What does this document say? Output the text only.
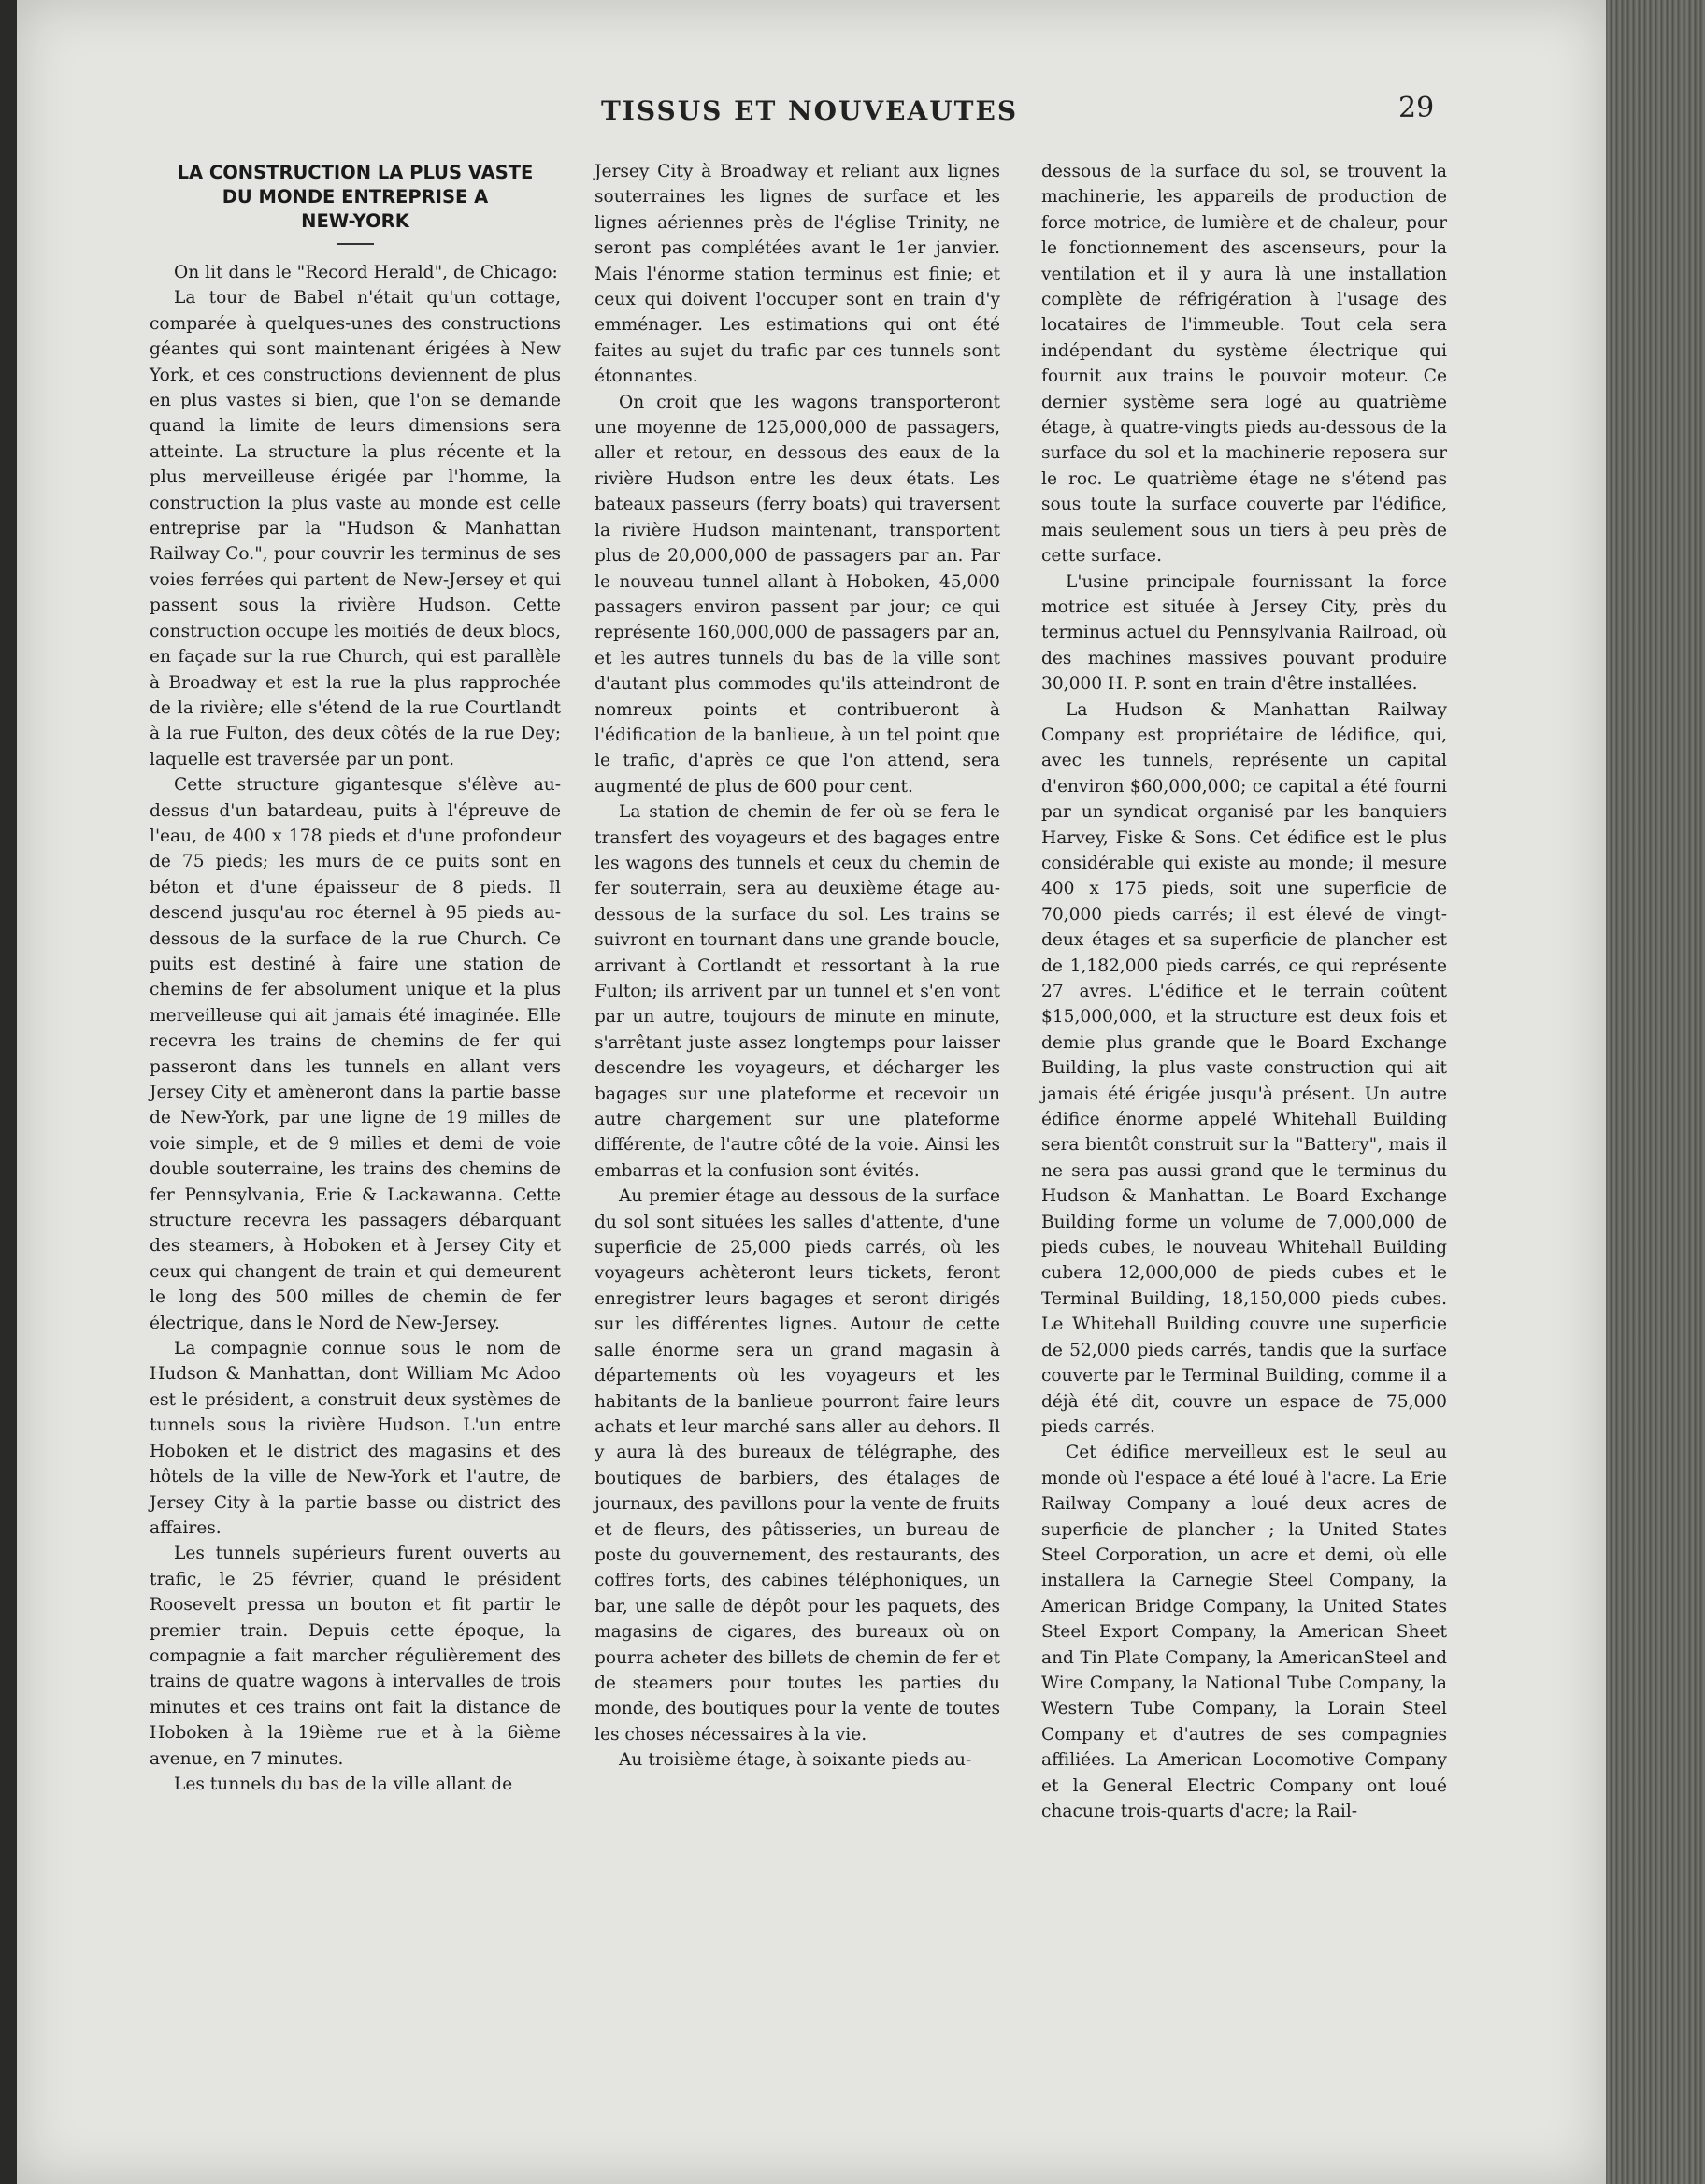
TISSUS ET NOUVEAUTES	29
LA CONSTRUCTION LA PLUS VASTE
DU MONDE ENTREPRISE A
NEW-YORK

On lit dans le "Record Herald", de Chicago:

La tour de Babel n'était qu'un cottage, comparée à quelques-unes des constructions géantes qui sont maintenant érigées à New York, et ces constructions deviennent de plus en plus vastes si bien, que l'on se demande quand la limite de leurs dimensions sera atteinte. La structure la plus récente et la plus merveilleuse érigée par l'homme, la construction la plus vaste au monde est celle entreprise par la "Hudson & Manhattan Railway Co.", pour couvrir les terminus de ses voies ferrées qui partent de New-Jersey et qui passent sous la rivière Hudson. Cette construction occupe les moitiés de deux blocs, en façade sur la rue Church, qui est parallèle à Broadway et est la rue la plus rapprochée de la rivière; elle s'étend de la rue Courtlandt à la rue Fulton, des deux côtés de la rue Dey; laquelle est traversée par un pont.

Cette structure gigantesque s'élève au-dessus d'un batardeau, puits à l'épreuve de l'eau, de 400 x 178 pieds et d'une profondeur de 75 pieds; les murs de ce puits sont en béton et d'une épaisseur de 8 pieds. Il descend jusqu'au roc éternel à 95 pieds au-dessous de la surface de la rue Church. Ce puits est destiné à faire une station de chemins de fer absolument unique et la plus merveilleuse qui ait jamais été imaginée. Elle recevra les trains de chemins de fer qui passeront dans les tunnels en allant vers Jersey City et amèneront dans la partie basse de New-York, par une ligne de 19 milles de voie simple, et de 9 milles et demi de voie double souterraine, les trains des chemins de fer Pennsylvania, Erie & Lackawanna. Cette structure recevra les passagers débarquant des steamers, à Hoboken et à Jersey City et ceux qui changent de train et qui demeurent le long des 500 milles de chemin de fer électrique, dans le Nord de New-Jersey.

La compagnie connue sous le nom de Hudson & Manhattan, dont William Mc Adoo est le président, a construit deux systèmes de tunnels sous la rivière Hudson. L'un entre Hoboken et le district des magasins et des hôtels de la ville de New-York et l'autre, de Jersey City à la partie basse ou district des affaires.

Les tunnels supérieurs furent ouverts au trafic, le 25 février, quand le président Roosevelt pressa un bouton et fit partir le premier train. Depuis cette époque, la compagnie a fait marcher régulièrement des trains de quatre wagons à intervalles de trois minutes et ces trains ont fait la distance de Hoboken à la 19ième rue et à la 6ième avenue, en 7 minutes.

Les tunnels du bas de la ville allant de

Jersey City à Broadway et reliant aux lignes souterraines les lignes de surface et les lignes aériennes près de l'église Trinity, ne seront pas complétées avant le 1er janvier. Mais l'énorme station terminus est finie; et ceux qui doivent l'occuper sont en train d'y emménager. Les estimations qui ont été faites au sujet du trafic par ces tunnels sont étonnantes.

On croit que les wagons transporteront une moyenne de 125,000,000 de passagers, aller et retour, en dessous des eaux de la rivière Hudson entre les deux états. Les bateaux passeurs (ferry boats) qui traversent la rivière Hudson maintenant, transportent plus de 20,000,000 de passagers par an. Par le nouveau tunnel allant à Hoboken, 45,000 passagers environ passent par jour; ce qui représente 160,000,000 de passagers par an, et les autres tunnels du bas de la ville sont d'autant plus commodes qu'ils atteindront de nomreux points et contribueront à l'édification de la banlieue, à un tel point que le trafic, d'après ce que l'on attend, sera augmenté de plus de 600 pour cent.

La station de chemin de fer où se fera le transfert des voyageurs et des bagages entre les wagons des tunnels et ceux du chemin de fer souterrain, sera au deuxième étage au-dessous de la surface du sol. Les trains se suivront en tournant dans une grande boucle, arrivant à Cortlandt et ressortant à la rue Fulton; ils arrivent par un tunnel et s'en vont par un autre, toujours de minute en minute, s'arrêtant juste assez longtemps pour laisser descendre les voyageurs, et décharger les bagages sur une plateforme et recevoir un autre chargement sur une plateforme différente, de l'autre côté de la voie. Ainsi les embarras et la confusion sont évités.

Au premier étage au dessous de la surface du sol sont situées les salles d'attente, d'une superficie de 25,000 pieds carrés, où les voyageurs achèteront leurs tickets, feront enregistrer leurs bagages et seront dirigés sur les différentes lignes. Autour de cette salle énorme sera un grand magasin à départements où les voyageurs et les habitants de la banlieue pourront faire leurs achats et leur marché sans aller au dehors. Il y aura là des bureaux de télégraphe, des boutiques de barbiers, des étalages de journaux, des pavillons pour la vente de fruits et de fleurs, des pâtisseries, un bureau de poste du gouvernement, des restaurants, des coffres forts, des cabines téléphoniques, un bar, une salle de dépôt pour les paquets, des magasins de cigares, des bureaux où on pourra acheter des billets de chemin de fer et de steamers pour toutes les parties du monde, des boutiques pour la vente de toutes les choses nécessaires à la vie.

Au troisième étage, à soixante pieds au-

dessous de la surface du sol, se trouvent la machinerie, les appareils de production de force motrice, de lumière et de chaleur, pour le fonctionnement des ascenseurs, pour la ventilation et il y aura là une installation complète de réfrigération à l'usage des locataires de l'immeuble. Tout cela sera indépendant du système électrique qui fournit aux trains le pouvoir moteur. Ce dernier système sera logé au quatrième étage, à quatre-vingts pieds au-dessous de la surface du sol et la machinerie reposera sur le roc. Le quatrième étage ne s'étend pas sous toute la surface couverte par l'édifice, mais seulement sous un tiers à peu près de cette surface.

L'usine principale fournissant la force motrice est située à Jersey City, près du terminus actuel du Pennsylvania Railroad, où des machines massives pouvant produire 30,000 H. P. sont en train d'être installées.

La Hudson & Manhattan Railway Company est propriétaire de lédifice, qui, avec les tunnels, représente un capital d'environ $60,000,000; ce capital a été fourni par un syndicat organisé par les banquiers Harvey, Fiske & Sons. Cet édifice est le plus considérable qui existe au monde; il mesure 400 x 175 pieds, soit une superficie de 70,000 pieds carrés; il est élevé de vingt-deux étages et sa superficie de plancher est de 1,182,000 pieds carrés, ce qui représente 27 avres. L'édifice et le terrain coûtent $15,000,000, et la structure est deux fois et demie plus grande que le Board Exchange Building, la plus vaste construction qui ait jamais été érigée jusqu'à présent. Un autre édifice énorme appelé Whitehall Building sera bientôt construit sur la "Battery", mais il ne sera pas aussi grand que le terminus du Hudson & Manhattan. Le Board Exchange Building forme un volume de 7,000,000 de pieds cubes, le nouveau Whitehall Building cubera 12,000,000 de pieds cubes et le Terminal Building, 18,150,000 pieds cubes. Le Whitehall Building couvre une superficie de 52,000 pieds carrés, tandis que la surface couverte par le Terminal Building, comme il a déjà été dit, couvre un espace de 75,000 pieds carrés.

Cet édifice merveilleux est le seul au monde où l'espace a été loué à l'acre. La Erie Railway Company a loué deux acres de superficie de plancher ; la United States Steel Corporation, un acre et demi, où elle installera la Carnegie Steel Company, la American Bridge Company, la United States Steel Export Company, la American Sheet and Tin Plate Company, la AmericanSteel and Wire Company, la National Tube Company, la Western Tube Company, la Lorain Steel Company et d'autres de ses compagnies affiliées. La American Locomotive Company et la General Electric Company ont loué chacune trois-quarts d'acre; la Rail-
